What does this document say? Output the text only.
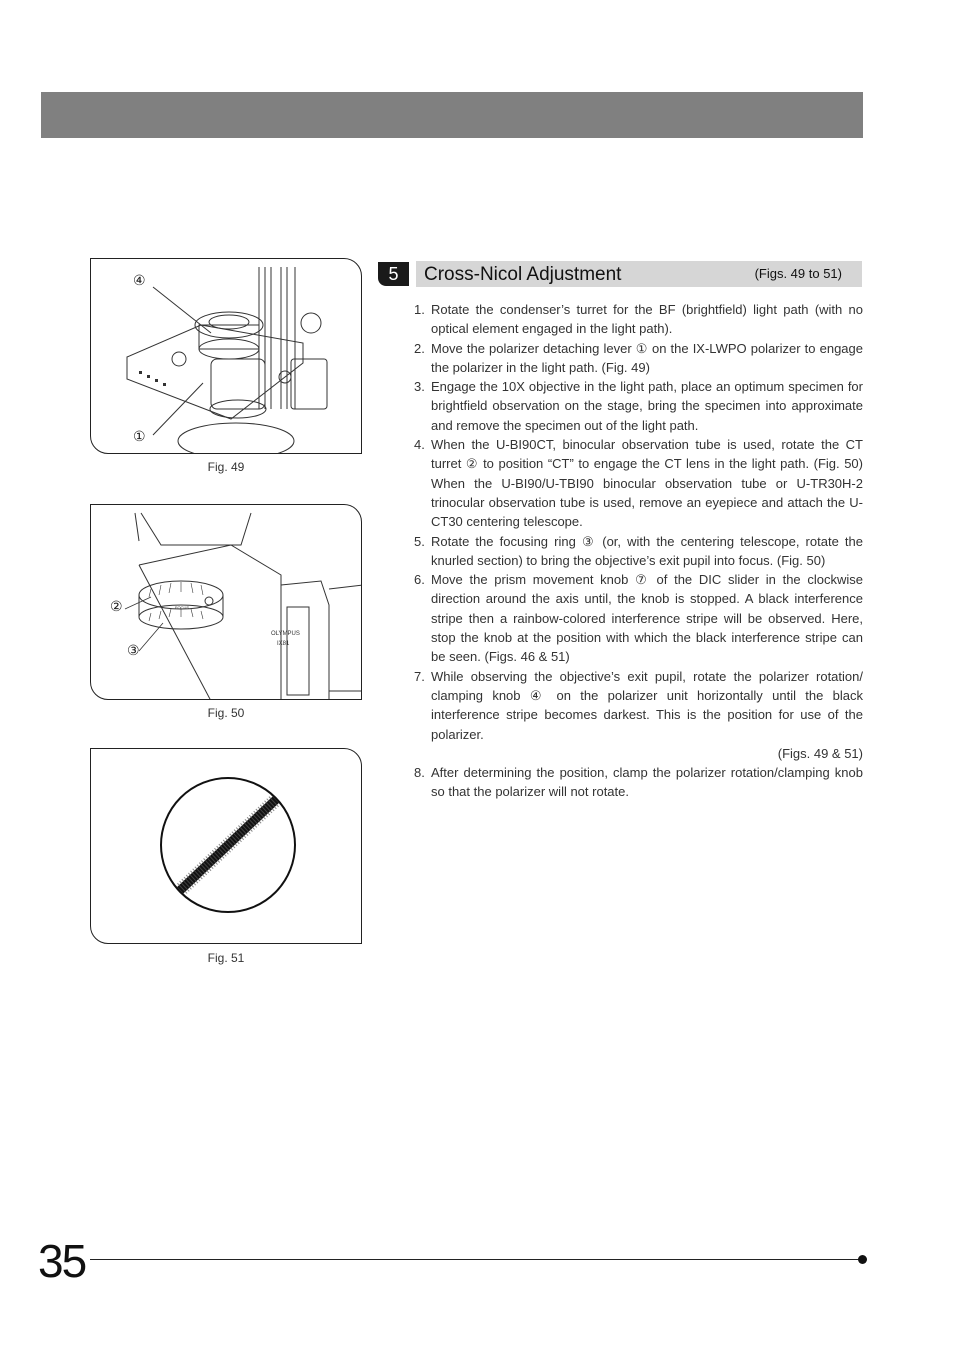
④
①
Fig. 49
OLYMPUS
IX81
FOCUS
②
③
Fig. 50
Fig. 51
5	Cross-Nicol Adjustment	(Figs. 49 to 51)
1. Rotate the condenser’s turret for the BF (brightfield) light path (with no optical element engaged in the light path).
2. Move the polarizer detaching lever ① on the IX-LWPO polarizer to engage the polarizer in the light path. (Fig. 49)
3. Engage the 10X objective in the light path, place an optimum specimen for brightfield observation on the stage, bring the specimen into approximate and remove the specimen out of the light path.
4. When the U-BI90CT, binocular observation tube is used, rotate the CT turret ② to position “CT” to engage the CT lens in the light path. (Fig. 50) When the U-BI90/U-TBI90 binocular observation tube or U-TR30H-2 trinocular observation tube is used, remove an eyepiece and attach the U-CT30 centering telescope.
5. Rotate the focusing ring ③ (or, with the centering telescope, rotate the knurled section) to bring the objective’s exit pupil into focus. (Fig. 50)
6. Move the prism movement knob ⑦ of the DIC slider in the clockwise direction around the axis until, the knob is stopped. A black interference stripe then a rainbow-colored interference stripe will be observed. Here, stop the knob at the position with which the black interference stripe can be seen. (Figs. 46 & 51)
7. While observing the objective’s exit pupil, rotate the polarizer rotation/ clamping knob ④ on the polarizer unit horizontally until the black interference stripe becomes darkest. This is the position for use of the polarizer.
(Figs. 49 & 51)
8. After determining the position, clamp the polarizer rotation/clamping knob so that the polarizer will not rotate.
35
